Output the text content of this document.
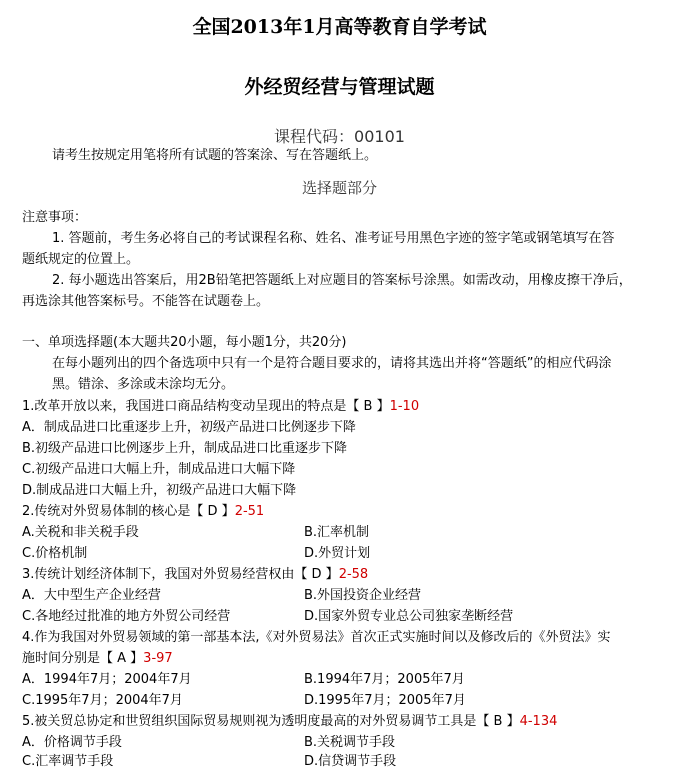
全国2013年1月高等教育自学考试
外经贸经营与管理试题
课程代码：00101
请考生按规定用笔将所有试题的答案涂、写在答题纸上。
选择题部分
注意事项：
1. 答题前，考生务必将自己的考试课程名称、姓名、准考证号用黑色字迹的签字笔或钢笔填写在答
题纸规定的位置上。
2. 每小题选出答案后，用2B铅笔把答题纸上对应题目的答案标号涂黑。如需改动，用橡皮擦干净后，
再选涂其他答案标号。不能答在试题卷上。
一、单项选择题(本大题共20小题，每小题1分，共20分)
在每小题列出的四个备选项中只有一个是符合题目要求的，请将其选出并将“答题纸”的相应代码涂
黑。错涂、多涂或未涂均无分。
1.改革开放以来，我国进口商品结构变动呈现出的特点是【 B 】1-10
A．制成品进口比重逐步上升，初级产品进口比例逐步下降
B.初级产品进口比例逐步上升，制成品进口比重逐步下降
C.初级产品进口大幅上升，制成品进口大幅下降
D.制成品进口大幅上升，初级产品进口大幅下降
2.传统对外贸易体制的核心是【 D 】2-51
A.关税和非关税手段	B.汇率机制
C.价格机制	D.外贸计划
3.传统计划经济体制下，我国对外贸易经营权由【 D 】2-58
A．大中型生产企业经营	B.外国投资企业经营
C.各地经过批准的地方外贸公司经营	D.国家外贸专业总公司独家垄断经营
4.作为我国对外贸易领域的第一部基本法,《对外贸易法》首次正式实施时间以及修改后的《外贸法》实
施时间分别是【 A 】3-97
A．1994年7月；2004年7月	B.1994年7月；2005年7月
C.1995年7月；2004年7月	D.1995年7月；2005年7月
5.被关贸总协定和世贸组织国际贸易规则视为透明度最高的对外贸易调节工具是【 B 】4-134
A．价格调节手段	B.关税调节手段
C.汇率调节手段	D.信贷调节手段
